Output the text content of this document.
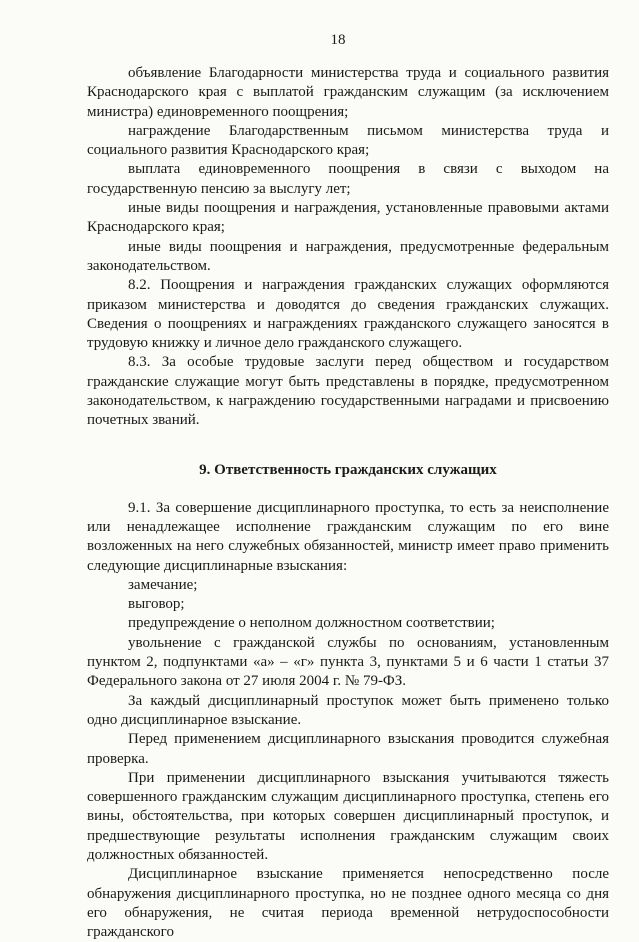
18

объявление Благодарности министерства труда и социального развития Краснодарского края с выплатой гражданским служащим (за исключением министра) единовременного поощрения;

награждение Благодарственным письмом министерства труда и социального развития Краснодарского края;

выплата единовременного поощрения в связи с выходом на государственную пенсию за выслугу лет;

иные виды поощрения и награждения, установленные правовыми актами Краснодарского края;

иные виды поощрения и награждения, предусмотренные федеральным законодательством.

8.2. Поощрения и награждения гражданских служащих оформляются приказом министерства и доводятся до сведения гражданских служащих. Сведения о поощрениях и награждениях гражданского служащего заносятся в трудовую книжку и личное дело гражданского служащего.

8.3. За особые трудовые заслуги перед обществом и государством гражданские служащие могут быть представлены в порядке, предусмотренном законодательством, к награждению государственными наградами и присвоению почетных званий.

9. Ответственность гражданских служащих

9.1. За совершение дисциплинарного проступка, то есть за неисполнение или ненадлежащее исполнение гражданским служащим по его вине возложенных на него служебных обязанностей, министр имеет право применить следующие дисциплинарные взыскания:

замечание;

выговор;

предупреждение о неполном должностном соответствии;

увольнение с гражданской службы по основаниям, установленным пунктом 2, подпунктами «а» – «г» пункта 3, пунктами 5 и 6 части 1 статьи 37 Федерального закона от 27 июля 2004 г. № 79-ФЗ.

За каждый дисциплинарный проступок может быть применено только одно дисциплинарное взыскание.

Перед применением дисциплинарного взыскания проводится служебная проверка.

При применении дисциплинарного взыскания учитываются тяжесть совершенного гражданским служащим дисциплинарного проступка, степень его вины, обстоятельства, при которых совершен дисциплинарный проступок, и предшествующие результаты исполнения гражданским служащим своих должностных обязанностей.

Дисциплинарное взыскание применяется непосредственно после обнаружения дисциплинарного проступка, но не позднее одного месяца со дня его обнаружения, не считая периода временной нетрудоспособности гражданского
